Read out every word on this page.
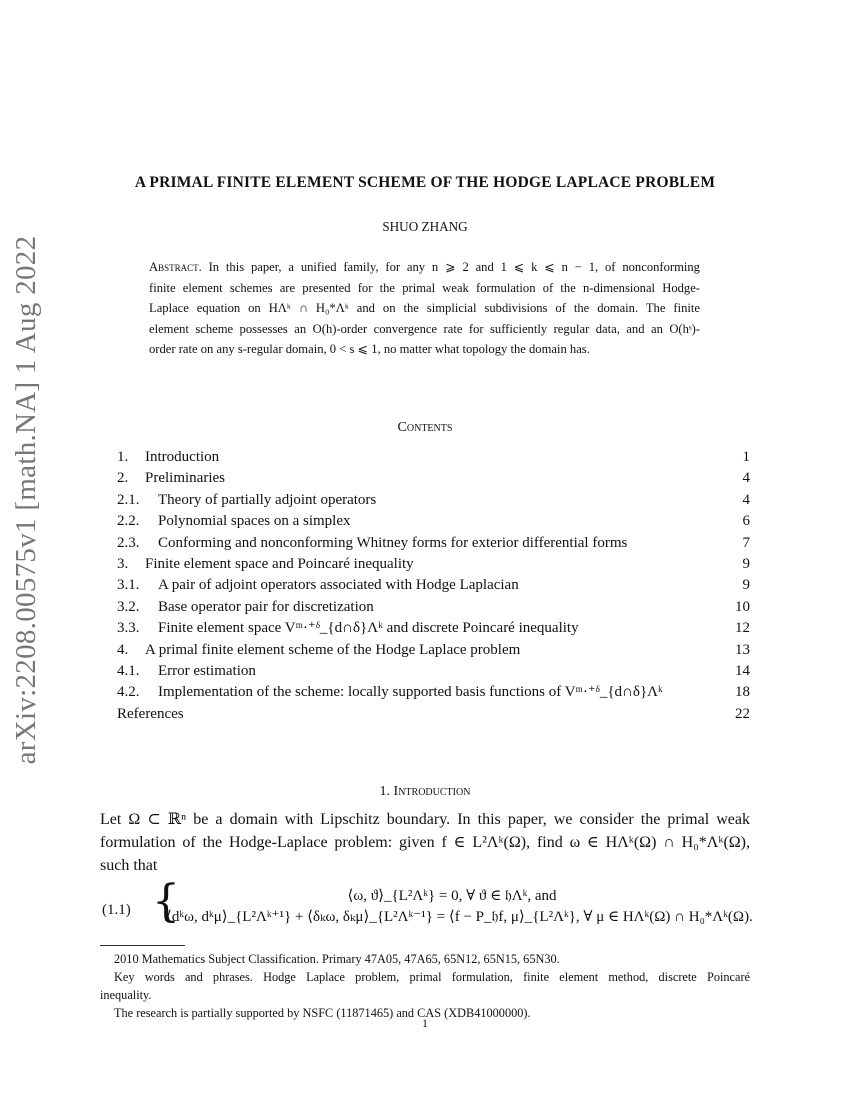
arXiv:2208.00575v1 [math.NA] 1 Aug 2022
A PRIMAL FINITE ELEMENT SCHEME OF THE HODGE LAPLACE PROBLEM
SHUO ZHANG
Abstract. In this paper, a unified family, for any n ⩾ 2 and 1 ⩽ k ⩽ n − 1, of nonconforming
finite element schemes are presented for the primal weak formulation of the n-dimensional Hodge-
Laplace equation on HΛᵏ ∩ H₀*Λᵏ and on the simplicial subdivisions of the domain. The finite
element scheme possesses an O(h)-order convergence rate for sufficiently regular data, and an O(hˢ)-
order rate on any s-regular domain, 0 < s ⩽ 1, no matter what topology the domain has.
Contents
1. Introduction	1
2. Preliminaries	4
2.1. Theory of partially adjoint operators	4
2.2. Polynomial spaces on a simplex	6
2.3. Conforming and nonconforming Whitney forms for exterior differential forms	7
3. Finite element space and Poincaré inequality	9
3.1. A pair of adjoint operators associated with Hodge Laplacian	9
3.2. Base operator pair for discretization	10
3.3. Finite element space Vᵐ·⁺ᵟ_{d∩δ}Λᵏ and discrete Poincaré inequality	12
4. A primal finite element scheme of the Hodge Laplace problem	13
4.1. Error estimation	14
4.2. Implementation of the scheme: locally supported basis functions of Vᵐ·⁺ᵟ_{d∩δ}Λᵏ	18
References	22
1. Introduction
Let Ω ⊂ ℝⁿ be a domain with Lipschitz boundary. In this paper, we consider the primal weak
formulation of the Hodge-Laplace problem: given f ∈ L²Λᵏ(Ω), find ω ∈ HΛᵏ(Ω) ∩ H₀*Λᵏ(Ω),
such that
(1.1) {	⟨ω, ϑ⟩_{L²Λᵏ} = 0, ∀ ϑ ∈ 𝔥Λᵏ, and
⟨dᵏω, dᵏμ⟩_{L²Λᵏ⁺¹} + ⟨δₖω, δₖμ⟩_{L²Λᵏ⁻¹} = ⟨f − P_𝔥f, μ⟩_{L²Λᵏ}, ∀ μ ∈ HΛᵏ(Ω) ∩ H₀*Λᵏ(Ω).
2010 Mathematics Subject Classification. Primary 47A05, 47A65, 65N12, 65N15, 65N30.
Key words and phrases. Hodge Laplace problem, primal formulation, finite element method, discrete Poincaré
inequality.
The research is partially supported by NSFC (11871465) and CAS (XDB41000000).
1
